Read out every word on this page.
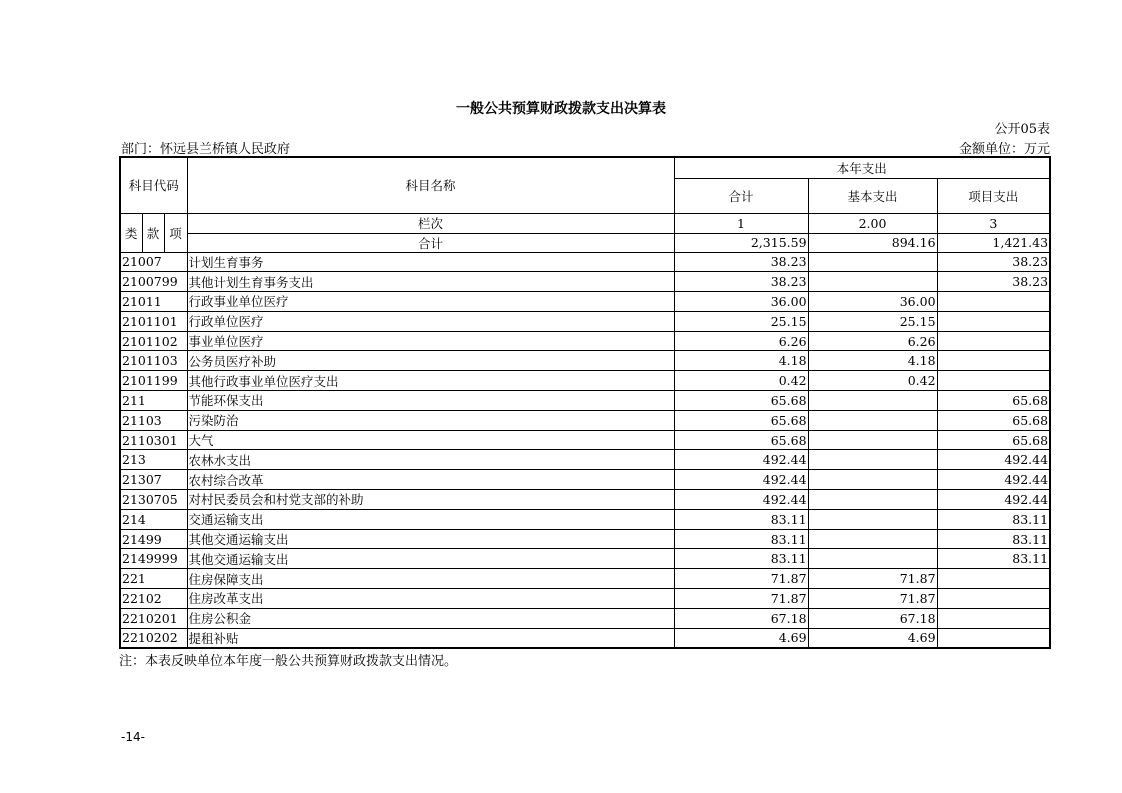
一般公共预算财政拨款支出决算表
公开05表
部门：怀远县兰桥镇人民政府	金额单位：万元
科目代码			科目名称	本年支出		
				合计	基本支出	项目支出
类	款	项	栏次	1	2.00	3
			合计	2,315.59	894.16	1,421.43
21007			计划生育事务	38.23		38.23
2100799			其他计划生育事务支出	38.23		38.23
21011			行政事业单位医疗	36.00	36.00	
2101101			行政单位医疗	25.15	25.15	
2101102			事业单位医疗	6.26	6.26	
2101103			公务员医疗补助	4.18	4.18	
2101199			其他行政事业单位医疗支出	0.42	0.42	
211			节能环保支出	65.68		65.68
21103			污染防治	65.68		65.68
2110301			大气	65.68		65.68
213			农林水支出	492.44		492.44
21307			农村综合改革	492.44		492.44
2130705			对村民委员会和村党支部的补助	492.44		492.44
214			交通运输支出	83.11		83.11
21499			其他交通运输支出	83.11		83.11
2149999			其他交通运输支出	83.11		83.11
221			住房保障支出	71.87	71.87	
22102			住房改革支出	71.87	71.87	
2210201			住房公积金	67.18	67.18	
2210202			提租补贴	4.69	4.69	
注：本表反映单位本年度一般公共预算财政拨款支出情况。
-14-
